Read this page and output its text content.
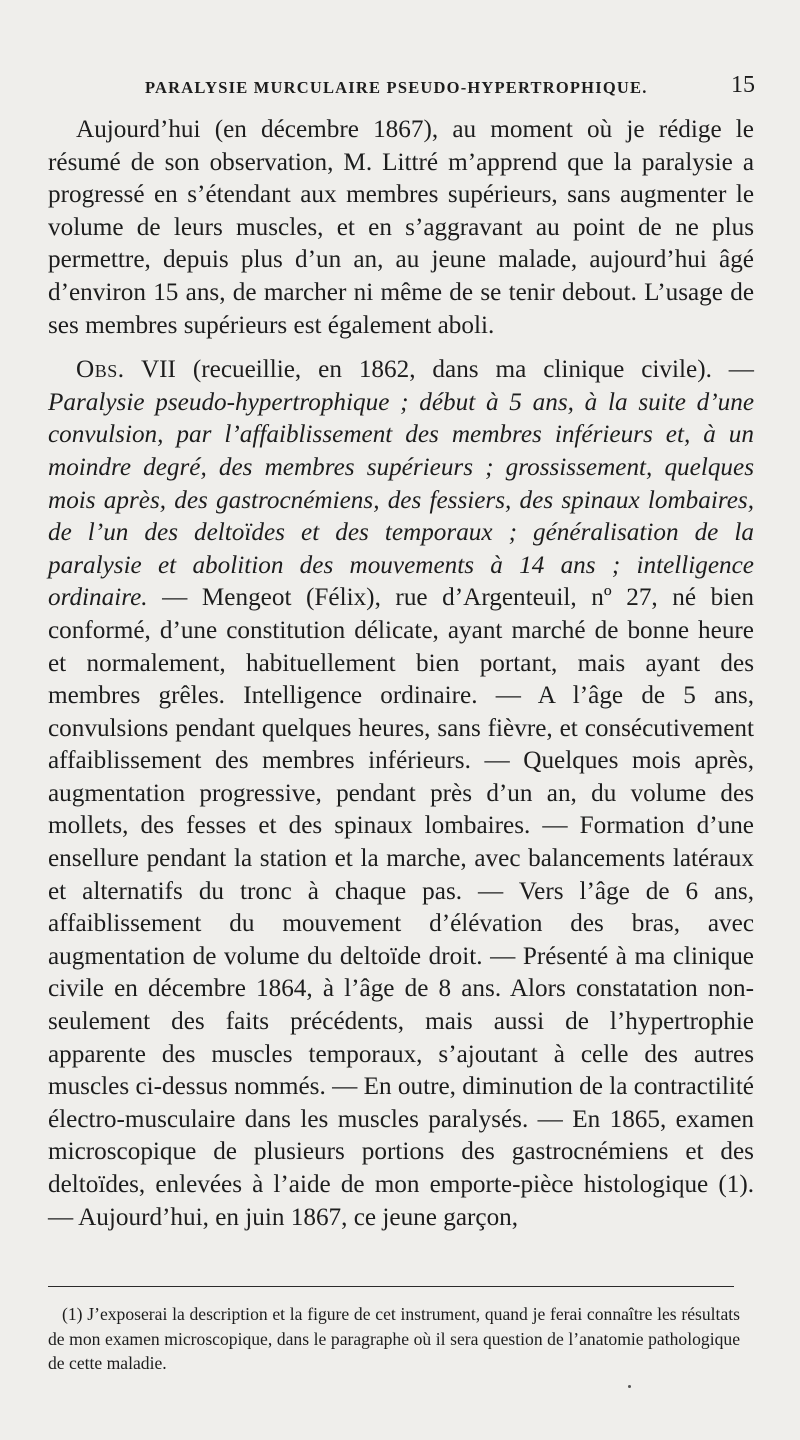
PARALYSIE MURCULAIRE PSEUDO-HYPERTROPHIQUE.	15

Aujourd’hui (en décembre 1867), au moment où je rédige le résumé de son observation, M. Littré m’apprend que la paralysie a progressé en s’étendant aux membres supérieurs, sans augmenter le volume de leurs muscles, et en s’aggravant au point de ne plus permettre, depuis plus d’un an, au jeune malade, aujourd’hui âgé d’environ 15 ans, de marcher ni même de se tenir debout. L’usage de ses membres supérieurs est également aboli.

Obs. VII (recueillie, en 1862, dans ma clinique civile). — Paralysie pseudo-hypertrophique ; début à 5 ans, à la suite d’une convulsion, par l’affaiblissement des membres inférieurs et, à un moindre degré, des membres supérieurs ; grossissement, quelques mois après, des gastrocnémiens, des fessiers, des spinaux lombaires, de l’un des deltoïdes et des temporaux ; généralisation de la paralysie et abolition des mouvements à 14 ans ; intelligence ordinaire. — Mengeot (Félix), rue d’Argenteuil, nº 27, né bien conformé, d’une constitution délicate, ayant marché de bonne heure et normalement, habituellement bien portant, mais ayant des membres grêles. Intelligence ordinaire. — A l’âge de 5 ans, convulsions pendant quelques heures, sans fièvre, et consécutivement affaiblissement des membres inférieurs. — Quelques mois après, augmentation progressive, pendant près d’un an, du volume des mollets, des fesses et des spinaux lombaires. — Formation d’une ensellure pendant la station et la marche, avec balancements latéraux et alternatifs du tronc à chaque pas. — Vers l’âge de 6 ans, affaiblissement du mouvement d’élévation des bras, avec augmentation de volume du deltoïde droit. — Présenté à ma clinique civile en décembre 1864, à l’âge de 8 ans. Alors constatation non-seulement des faits précédents, mais aussi de l’hypertrophie apparente des muscles temporaux, s’ajoutant à celle des autres muscles ci-dessus nommés. — En outre, diminution de la contractilité électro-musculaire dans les muscles paralysés. — En 1865, examen microscopique de plusieurs portions des gastrocnémiens et des deltoïdes, enlevées à l’aide de mon emporte-pièce histologique (1). — Aujourd’hui, en juin 1867, ce jeune garçon,

(1) J’exposerai la description et la figure de cet instrument, quand je ferai connaître les résultats de mon examen microscopique, dans le paragraphe où il sera question de l’anatomie pathologique de cette maladie.
